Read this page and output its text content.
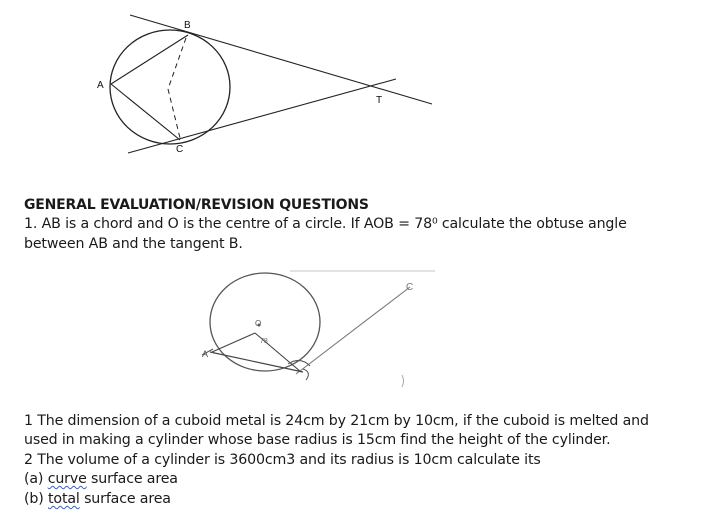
B
A
C
T
GENERAL EVALUATION/REVISION QUESTIONS
1. AB is a chord and O is the centre of a circle. If AOB = 78⁰ calculate the obtuse angle
between AB and the tangent B.
O
78
A
C
1 The dimension of a cuboid metal is 24cm by 21cm by 10cm, if the cuboid is melted and
used in making a cylinder whose base radius is 15cm find the height of the cylinder.
2 The volume of a cylinder is 3600cm3 and its radius is 10cm calculate its
(a) curve surface area
(b) total surface area
